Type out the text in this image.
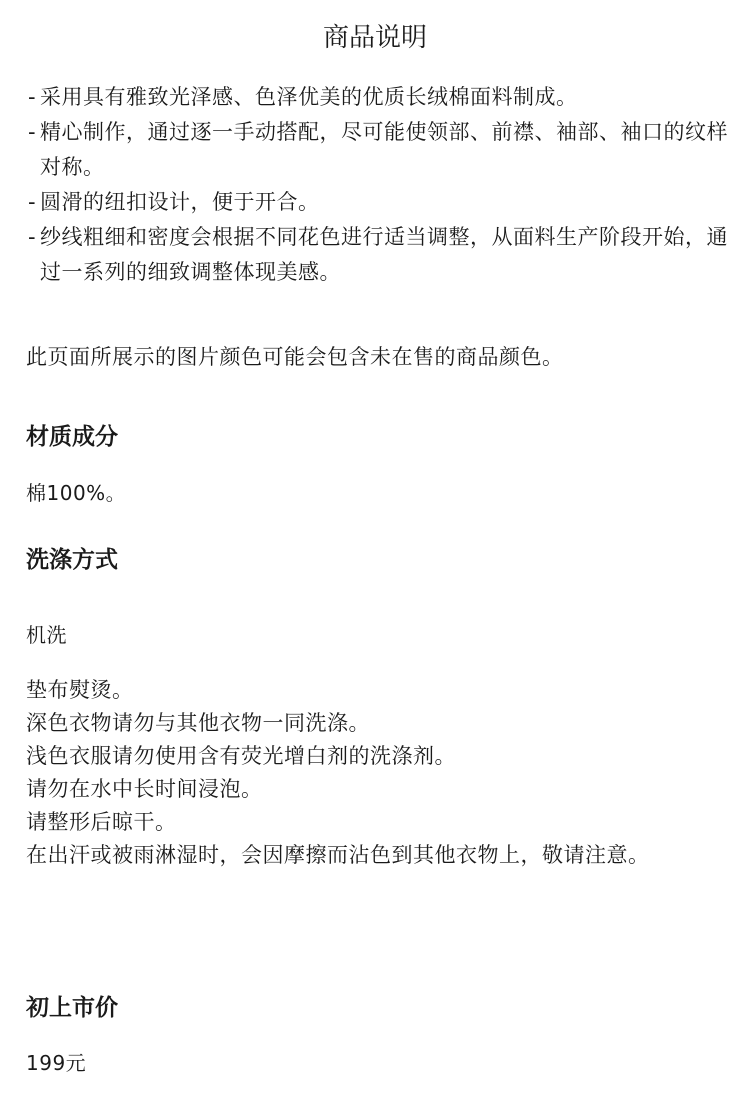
商品说明
- 采用具有雅致光泽感、色泽优美的优质长绒棉面料制成。
- 精心制作，通过逐一手动搭配，尽可能使领部、前襟、袖部、袖口的纹样对称。
- 圆滑的纽扣设计，便于开合。
- 纱线粗细和密度会根据不同花色进行适当调整，从面料生产阶段开始，通过一系列的细致调整体现美感。

此页面所展示的图片颜色可能会包含未在售的商品颜色。

材质成分

棉100%。

洗涤方式

机洗

垫布熨烫。
深色衣物请勿与其他衣物一同洗涤。
浅色衣服请勿使用含有荧光增白剂的洗涤剂。
请勿在水中长时间浸泡。
请整形后晾干。
在出汗或被雨淋湿时，会因摩擦而沾色到其他衣物上，敬请注意。
初上市价

199元
